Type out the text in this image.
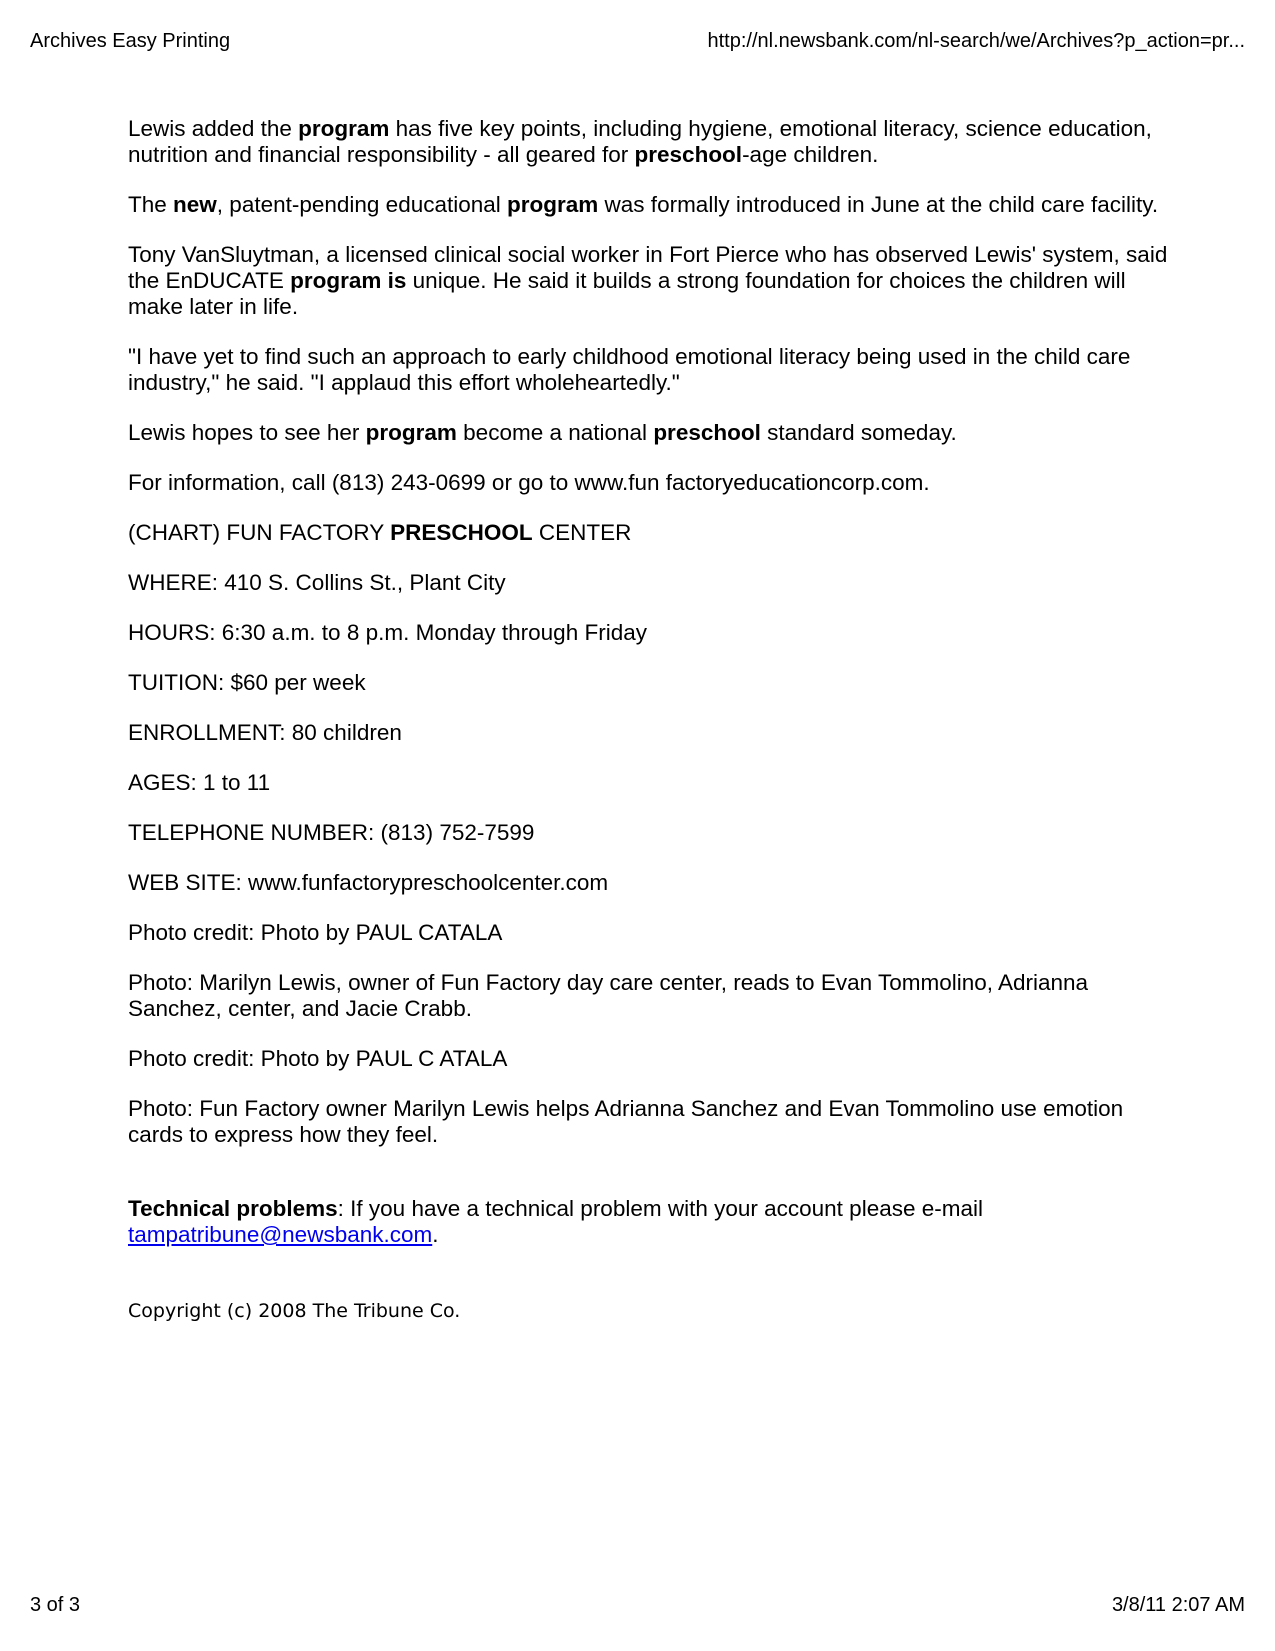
Archives Easy Printing	http://nl.newsbank.com/nl-search/we/Archives?p_action=pr...

Lewis added the program has five key points, including hygiene, emotional literacy, science education, nutrition and financial responsibility - all geared for preschool-age children.

The new, patent-pending educational program was formally introduced in June at the child care facility.

Tony VanSluytman, a licensed clinical social worker in Fort Pierce who has observed Lewis' system, said the EnDUCATE program is unique. He said it builds a strong foundation for choices the children will make later in life.

"I have yet to find such an approach to early childhood emotional literacy being used in the child care industry," he said. "I applaud this effort wholeheartedly."

Lewis hopes to see her program become a national preschool standard someday.

For information, call (813) 243-0699 or go to www.fun factoryeducationcorp.com.

(CHART) FUN FACTORY PRESCHOOL CENTER

WHERE: 410 S. Collins St., Plant City

HOURS: 6:30 a.m. to 8 p.m. Monday through Friday

TUITION: $60 per week

ENROLLMENT: 80 children

AGES: 1 to 11

TELEPHONE NUMBER: (813) 752-7599

WEB SITE: www.funfactorypreschoolcenter.com

Photo credit: Photo by PAUL CATALA

Photo: Marilyn Lewis, owner of Fun Factory day care center, reads to Evan Tommolino, Adrianna Sanchez, center, and Jacie Crabb.

Photo credit: Photo by PAUL C ATALA

Photo: Fun Factory owner Marilyn Lewis helps Adrianna Sanchez and Evan Tommolino use emotion cards to express how they feel.

Technical problems: If you have a technical problem with your account please e-mail tampatribune@newsbank.com.

Copyright (c) 2008 The Tribune Co.

3 of 3	3/8/11 2:07 AM
